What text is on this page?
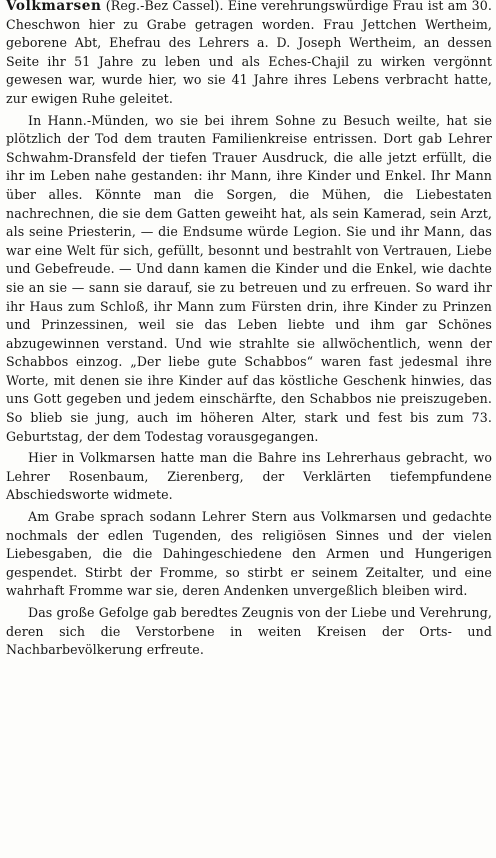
Volkmarsen (Reg.-Bez Cassel). Eine verehrungswürdige Frau ist am 30. Cheschwon hier zu Grabe getragen worden. Frau Jettchen Wertheim, geborene Abt, Ehefrau des Lehrers a. D. Joseph Wertheim, an dessen Seite ihr 51 Jahre zu leben und als Eches-Chajil zu wirken vergönnt gewesen war, wurde hier, wo sie 41 Jahre ihres Lebens verbracht hatte, zur ewigen Ruhe geleitet.

In Hann.-Münden, wo sie bei ihrem Sohne zu Besuch weilte, hat sie plötzlich der Tod dem trauten Familienkreise entrissen. Dort gab Lehrer Schwahm-Dransfeld der tiefen Trauer Ausdruck, die alle jetzt erfüllt, die ihr im Leben nahe gestanden: ihr Mann, ihre Kinder und Enkel. Ihr Mann über alles. Könnte man die Sorgen, die Mühen, die Liebestaten nachrechnen, die sie dem Gatten geweiht hat, als sein Kamerad, sein Arzt, als seine Priesterin, — die Endsume würde Legion. Sie und ihr Mann, das war eine Welt für sich, gefüllt, besonnt und bestrahlt von Vertrauen, Liebe und Gebefreude. — Und dann kamen die Kinder und die Enkel, wie dachte sie an sie — sann sie darauf, sie zu betreuen und zu erfreuen. So ward ihr ihr Haus zum Schloß, ihr Mann zum Fürsten drin, ihre Kinder zu Prinzen und Prinzessinen, weil sie das Leben liebte und ihm gar Schönes abzugewinnen verstand. Und wie strahlte sie allwöchentlich, wenn der Schabbos einzog. „Der liebe gute Schabbos“ waren fast jedesmal ihre Worte, mit denen sie ihre Kinder auf das köstliche Geschenk hinwies, das uns Gott gegeben und jedem einschärfte, den Schabbos nie preiszugeben. So blieb sie jung, auch im höheren Alter, stark und fest bis zum 73. Geburtstag, der dem Todestag vorausgegangen.

Hier in Volkmarsen hatte man die Bahre ins Lehrerhaus gebracht, wo Lehrer Rosenbaum, Zierenberg, der Verklärten tiefempfundene Abschiedsworte widmete.

Am Grabe sprach sodann Lehrer Stern aus Volkmarsen und gedachte nochmals der edlen Tugenden, des religiösen Sinnes und der vielen Liebesgaben, die die Dahingeschiedene den Armen und Hungerigen gespendet. Stirbt der Fromme, so stirbt er seinem Zeitalter, und eine wahrhaft Fromme war sie, deren Andenken unvergeßlich bleiben wird.

Das große Gefolge gab beredtes Zeugnis von der Liebe und Verehrung, deren sich die Verstorbene in weiten Kreisen der Orts- und Nachbarbevölkerung erfreute.
